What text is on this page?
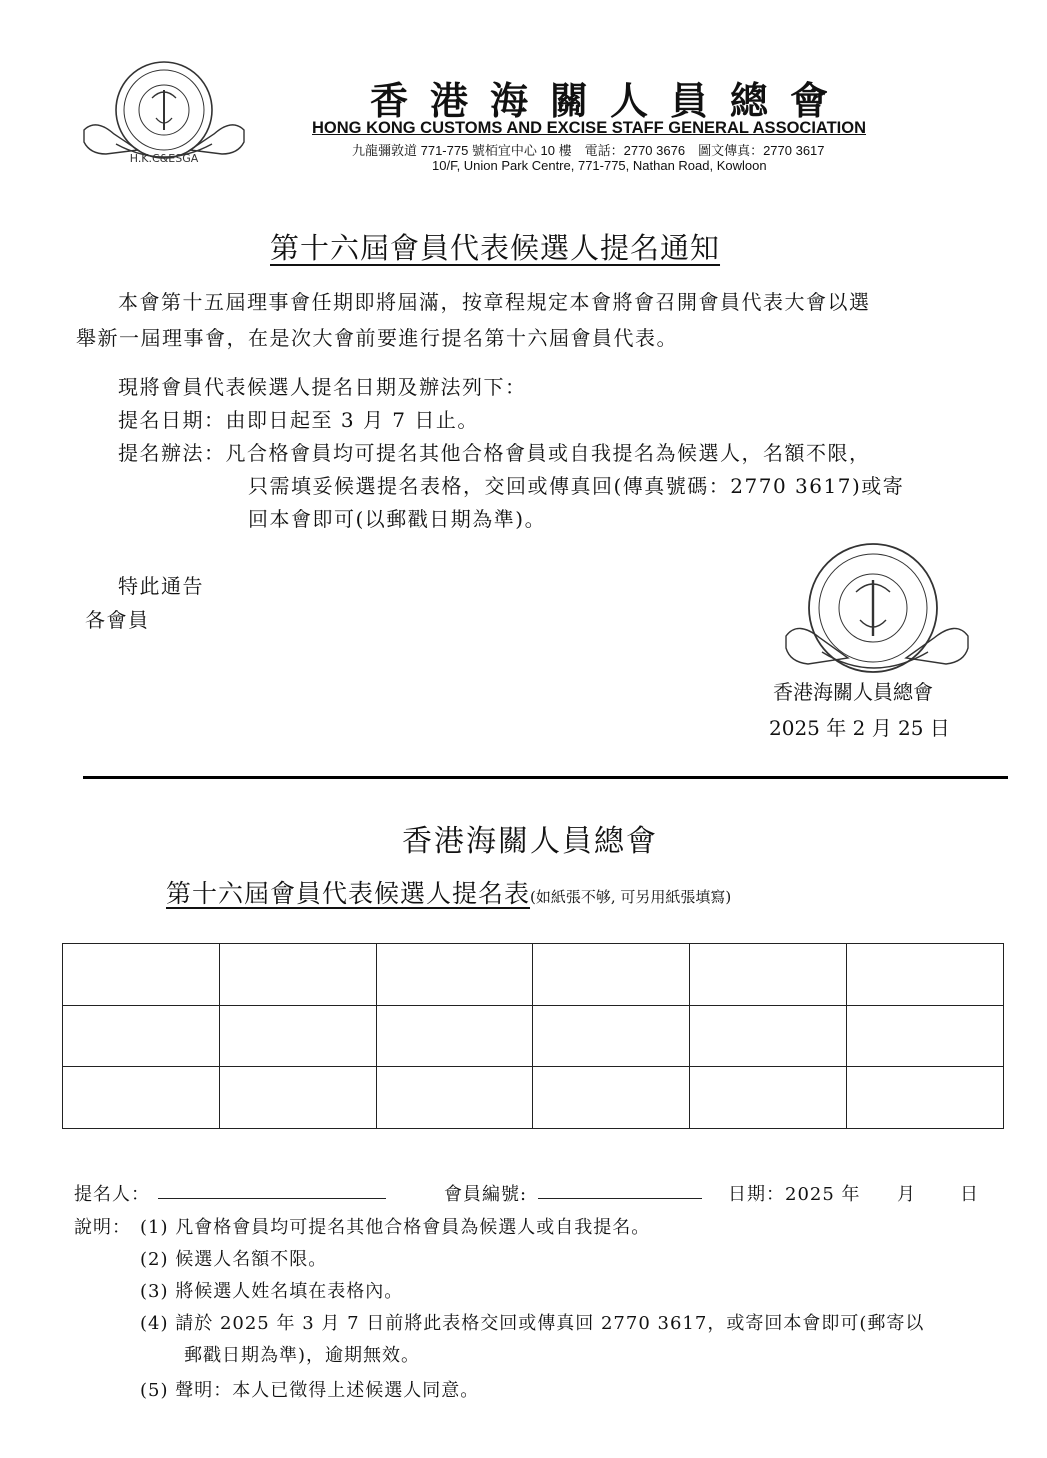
H.K.C&ESGA
香港海關人員總會
HONG KONG CUSTOMS AND EXCISE STAFF GENERAL ASSOCIATION
九龍彌敦道 771-775 號栢宜中心 10 樓　電話：2770 3676　圖文傳真：2770 3617
10/F, Union Park Centre, 771-775, Nathan Road, Kowloon
第十六屆會員代表候選人提名通知
本會第十五屆理事會任期即將屆滿，按章程規定本會將會召開會員代表大會以選
舉新一屆理事會，在是次大會前要進行提名第十六屆會員代表。
現將會員代表候選人提名日期及辦法列下：
提名日期：由即日起至 3 月 7 日止。
提名辦法：凡合格會員均可提名其他合格會員或自我提名為候選人，名額不限，
只需填妥候選提名表格，交回或傳真回(傳真號碼：2770 3617)或寄
回本會即可(以郵戳日期為準)。
特此通告
各會員
香港海關人員總會
2025 年 2 月 25 日
香港海關人員總會
第十六屆會員代表候選人提名表(如紙張不够, 可另用紙張填寫)

提名人：	會員編號:	日期：2025 年 月 日
說明： (1) 凡會格會員均可提名其他合格會員為候選人或自我提名。
(2) 候選人名額不限。
(3) 將候選人姓名填在表格內。
(4) 請於 2025 年 3 月 7 日前將此表格交回或傳真回 2770 3617，或寄回本會即可(郵寄以
郵戳日期為準)，逾期無效。
(5) 聲明：本人已徵得上述候選人同意。
